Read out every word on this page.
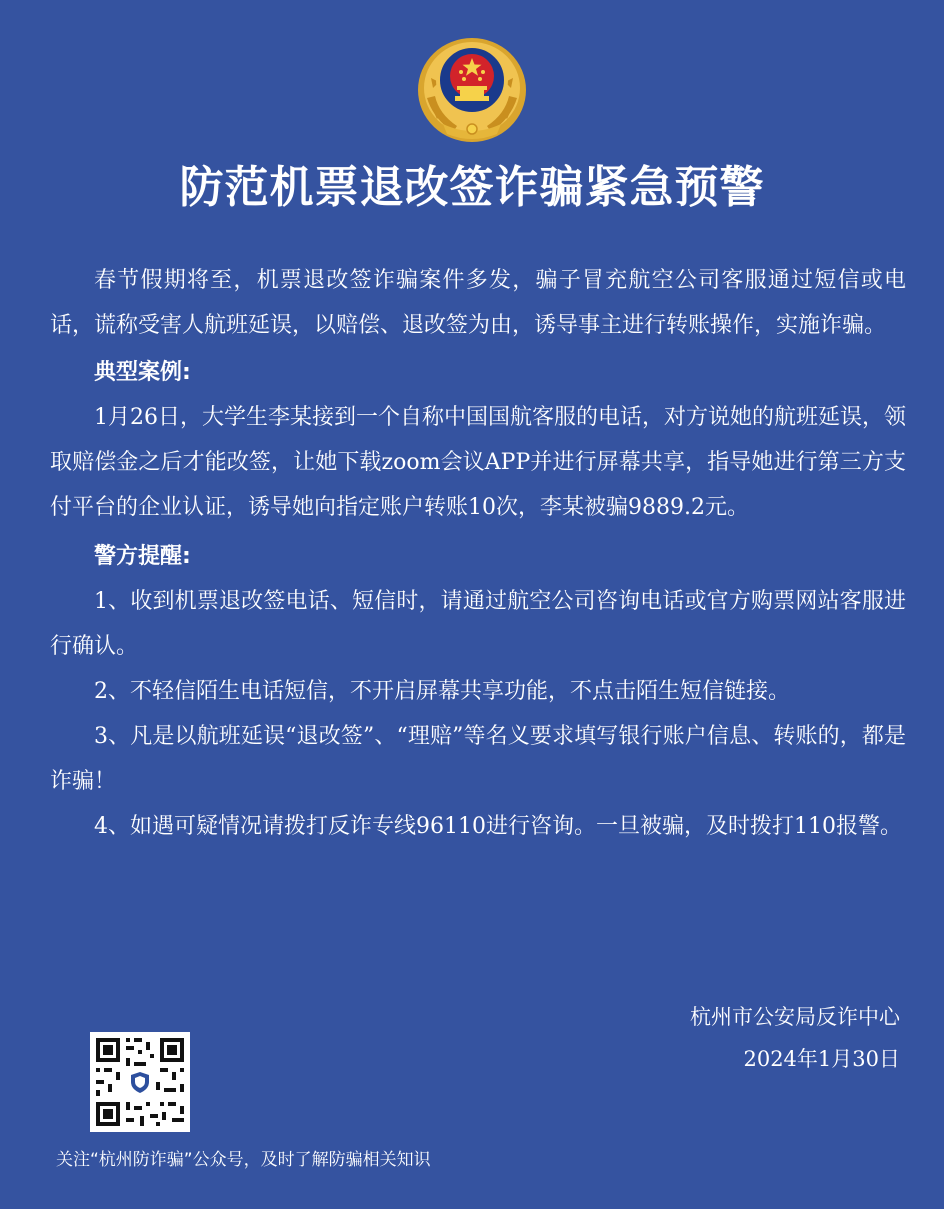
防范机票退改签诈骗紧急预警

春节假期将至，机票退改签诈骗案件多发，骗子冒充航空公司客服通过短信或电话，谎称受害人航班延误，以赔偿、退改签为由，诱导事主进行转账操作，实施诈骗。

典型案例:

1月26日，大学生李某接到一个自称中国国航客服的电话，对方说她的航班延误，领取赔偿金之后才能改签，让她下载zoom会议APP并进行屏幕共享，指导她进行第三方支付平台的企业认证，诱导她向指定账户转账10次，李某被骗9889.2元。

警方提醒:

1、收到机票退改签电话、短信时，请通过航空公司咨询电话或官方购票网站客服进行确认。

2、不轻信陌生电话短信，不开启屏幕共享功能，不点击陌生短信链接。

3、凡是以航班延误“退改签”、“理赔”等名义要求填写银行账户信息、转账的，都是诈骗！

4、如遇可疑情况请拨打反诈专线96110进行咨询。一旦被骗，及时拨打110报警。

杭州市公安局反诈中心
2024年1月30日
关注“杭州防诈骗”公众号，及时了解防骗相关知识
